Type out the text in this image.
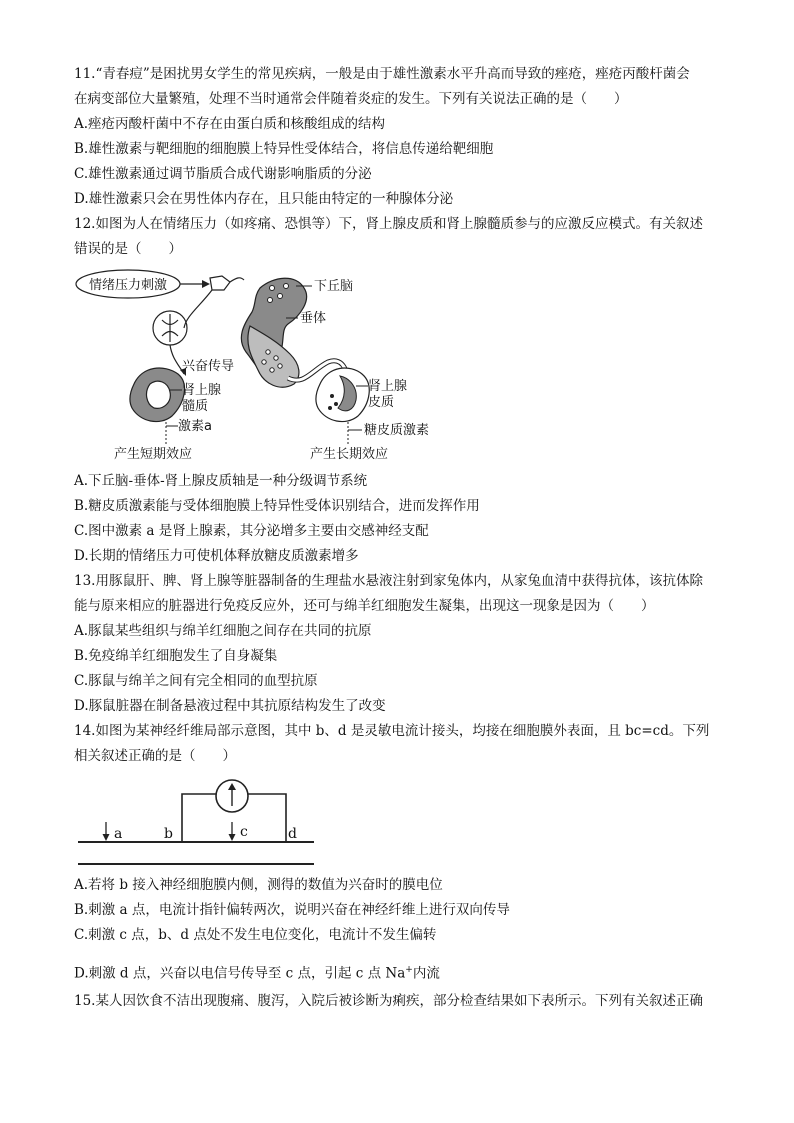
11.“青春痘”是困扰男女学生的常见疾病，一般是由于雄性激素水平升高而导致的痤疮，痤疮丙酸杆菌会
在病变部位大量繁殖，处理不当时通常会伴随着炎症的发生。下列有关说法正确的是（　　）
A.痤疮丙酸杆菌中不存在由蛋白质和核酸组成的结构
B.雄性激素与靶细胞的细胞膜上特异性受体结合，将信息传递给靶细胞
C.雄性激素通过调节脂质合成代谢影响脂质的分泌
D.雄性激素只会在男性体内存在，且只能由特定的一种腺体分泌
12.如图为人在情绪压力（如疼痛、恐惧等）下，肾上腺皮质和肾上腺髓质参与的应激反应模式。有关叙述
错误的是（　　）
情绪压力刺激	下丘脑
垂体
兴奋传导
肾上腺
髓质
激素a
产生短期效应
肾上腺
皮质
糖皮质激素
产生长期效应
A.下丘脑-垂体-肾上腺皮质轴是一种分级调节系统
B.糖皮质激素能与受体细胞膜上特异性受体识别结合，进而发挥作用
C.图中激素 a 是肾上腺素，其分泌增多主要由交感神经支配
D.长期的情绪压力可使机体释放糖皮质激素增多
13.用豚鼠肝、脾、肾上腺等脏器制备的生理盐水悬液注射到家兔体内，从家兔血清中获得抗体，该抗体除
能与原来相应的脏器进行免疫反应外，还可与绵羊红细胞发生凝集，出现这一现象是因为（　　）
A.豚鼠某些组织与绵羊红细胞之间存在共同的抗原
B.免疫绵羊红细胞发生了自身凝集
C.豚鼠与绵羊之间有完全相同的血型抗原
D.豚鼠脏器在制备悬液过程中其抗原结构发生了改变
14.如图为某神经纤维局部示意图，其中 b、d 是灵敏电流计接头，均接在细胞膜外表面，且 bc=cd。下列
相关叙述正确的是（　　）
a	b	c	d
A.若将 b 接入神经细胞膜内侧，测得的数值为兴奋时的膜电位
B.刺激 a 点，电流计指针偏转两次，说明兴奋在神经纤维上进行双向传导
C.刺激 c 点，b、d 点处不发生电位变化，电流计不发生偏转
D.刺激 d 点，兴奋以电信号传导至 c 点，引起 c 点 Na+内流
15.某人因饮食不洁出现腹痛、腹泻，入院后被诊断为痢疾，部分检查结果如下表所示。下列有关叙述正确
